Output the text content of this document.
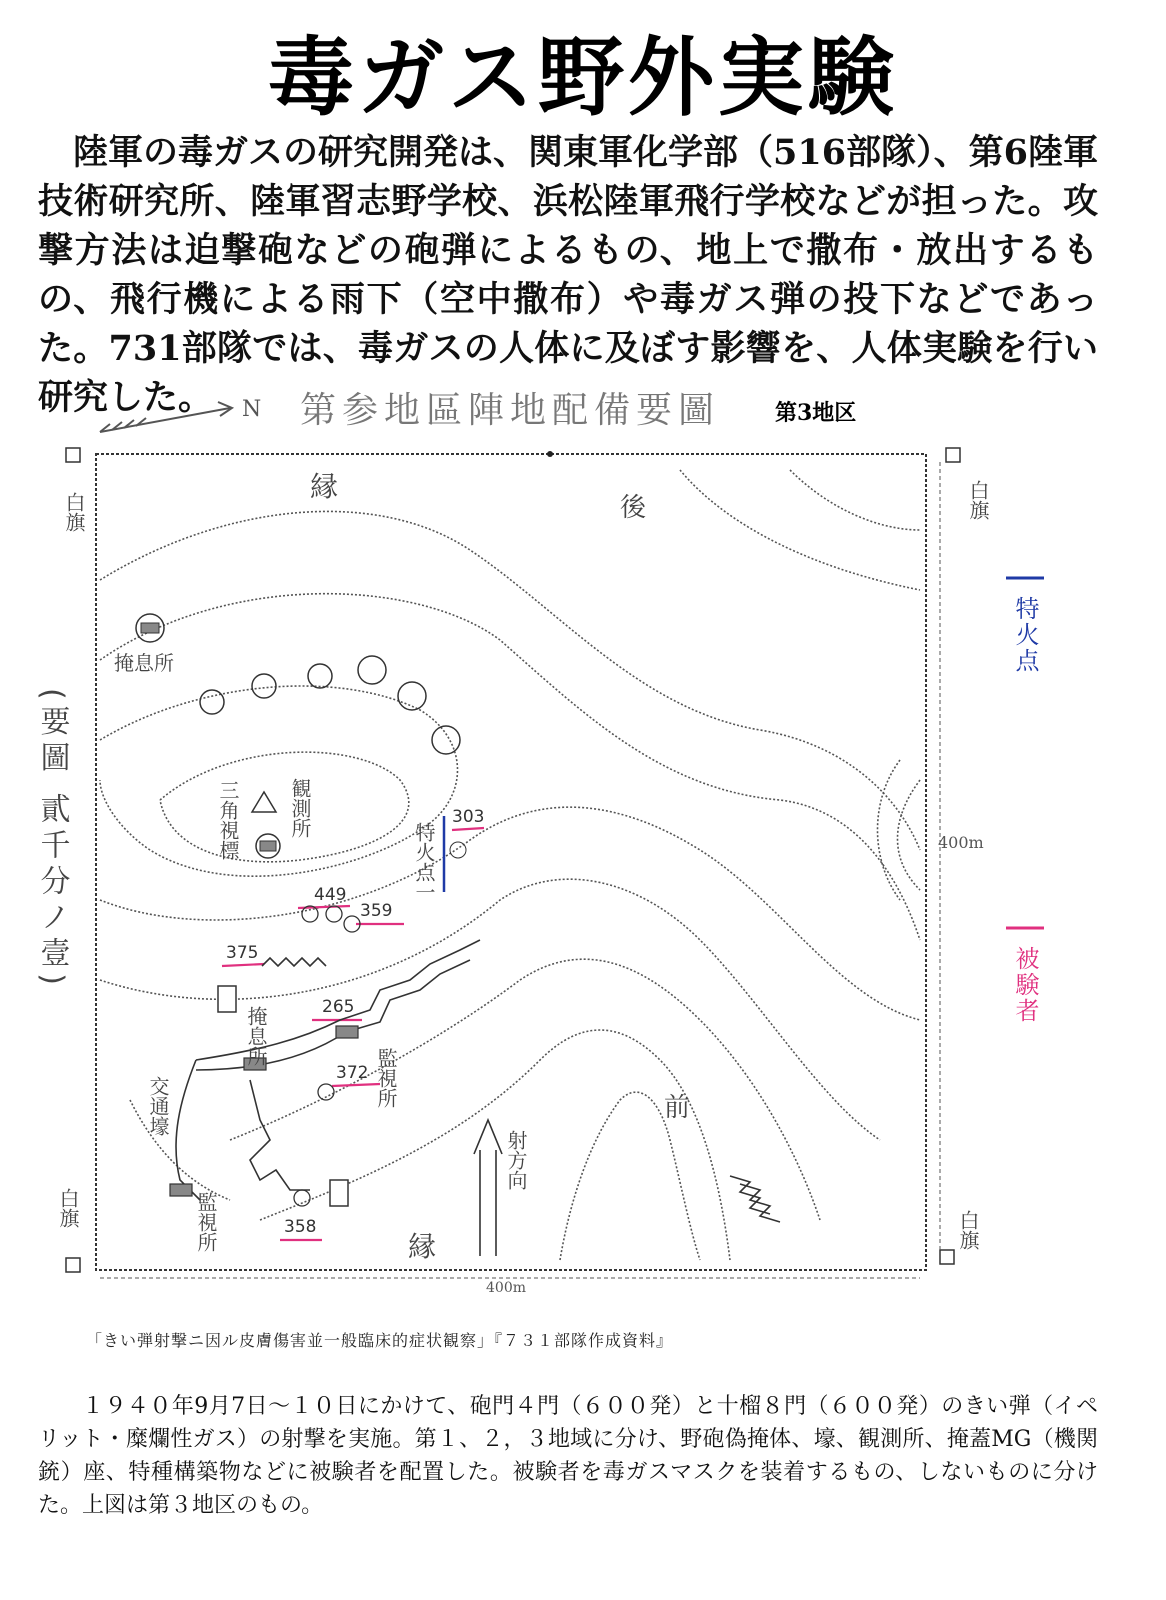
毒ガス野外実験
陸軍の毒ガスの研究開発は、関東軍化学部（516部隊）、第6陸軍技術研究所、陸軍習志野学校、浜松陸軍飛行学校などが担った。攻撃方法は迫撃砲などの砲弾によるもの、地上で撒布・放出するもの、飛行機による雨下（空中撒布）や毒ガス弾の投下などであった。731部隊では、毒ガスの人体に及ぼす影響を、人体実験を行い研究した。	N 第参地區陣地配備要圖 第3地区
白旗	白旗
白旗
白旗
400m
400m
掩息所
三角視標 観測所
特火点一
303
449
359
375
265
372
358
掩息所
監視所
交通壕
監視所
射方向
縁
後
縁
前
(要圖 貳千分ノ壹)
特火点
被験者
「きい弾射撃ニ因ル皮膚傷害並一般臨床的症状観察」『７３１部隊作成資料』
１９４０年9月7日～１０日にかけて、砲門４門（６００発）と十榴８門（６００発）のきい弾（イペリット・糜爛性ガス）の射撃を実施。第１、２，３地域に分け、野砲偽掩体、壕、観測所、掩蓋MG（機関銃）座、特種構築物などに被験者を配置した。被験者を毒ガスマスクを装着するもの、しないものに分けた。上図は第３地区のもの。
